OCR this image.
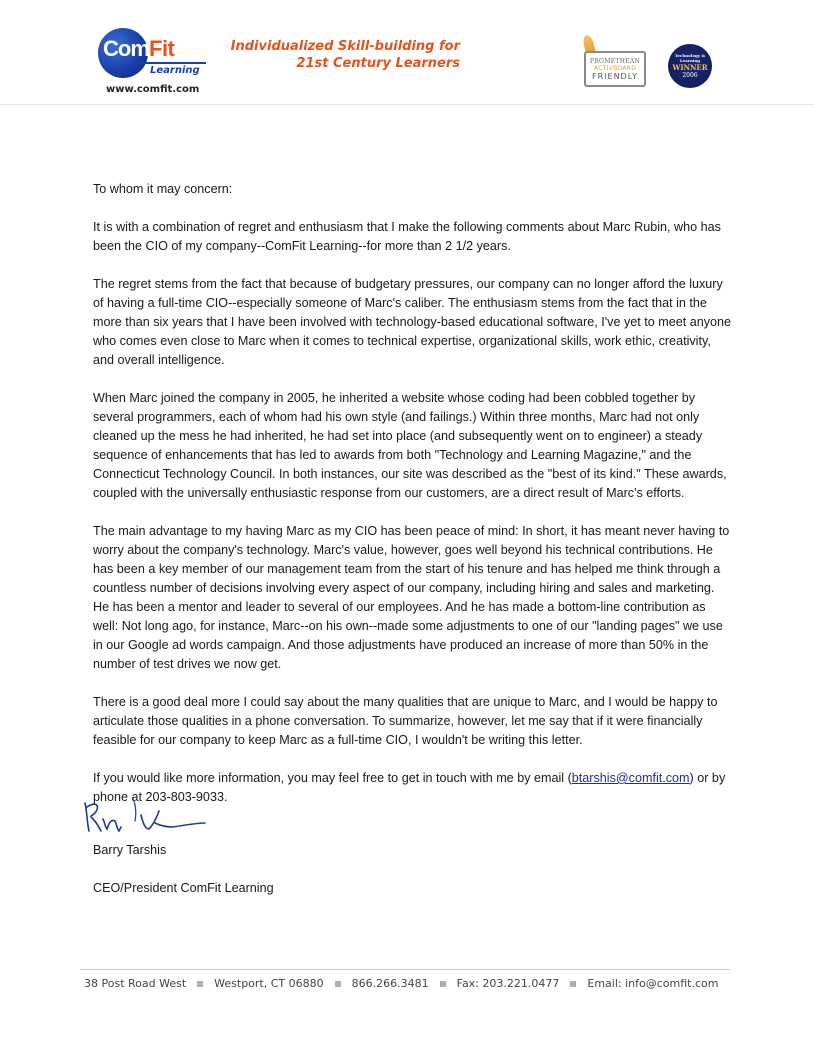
Com Fit
Learning
www.comfit.com
Individualized Skill-building for
21st Century Learners	PROMETHEAN
ACTIVBOARD
FRIENDLY
Technology & Learning
WINNER
2006
To whom it may concern:

It is with a combination of regret and enthusiasm that I make the following comments about Marc Rubin, who has been the CIO of my company--ComFit Learning--for more than 2 1/2 years.

The regret stems from the fact that because of budgetary pressures, our company can no longer afford the luxury of having a full-time CIO--especially someone of Marc's caliber. The enthusiasm stems from the fact that in the more than six years that I have been involved with technology-based educational software, I've yet to meet anyone who comes even close to Marc when it comes to technical expertise, organizational skills, work ethic, creativity, and overall intelligence.

When Marc joined the company in 2005, he inherited a website whose coding had been cobbled together by several programmers, each of whom had his own style (and failings.) Within three months, Marc had not only cleaned up the mess he had inherited, he had set into place (and subsequently went on to engineer) a steady sequence of enhancements that has led to awards from both "Technology and Learning Magazine," and the Connecticut Technology Council. In both instances, our site was described as the "best of its kind." These awards, coupled with the universally enthusiastic response from our customers, are a direct result of Marc's efforts.

The main advantage to my having Marc as my CIO has been peace of mind: In short, it has meant never having to worry about the company's technology. Marc's value, however, goes well beyond his technical contributions. He has been a key member of our management team from the start of his tenure and has helped me think through a countless number of decisions involving every aspect of our company, including hiring and sales and marketing. He has been a mentor and leader to several of our employees. And he has made a bottom-line contribution as well: Not long ago, for instance, Marc--on his own--made some adjustments to one of our "landing pages" we use in our Google ad words campaign. And those adjustments have produced an increase of more than 50% in the number of test drives we now get.

There is a good deal more I could say about the many qualities that are unique to Marc, and I would be happy to articulate those qualities in a phone conversation. To summarize, however, let me say that if it were financially feasible for our company to keep Marc as a full-time CIO, I wouldn't be writing this letter.

If you would like more information, you may feel free to get in touch with me by email (btarshis@comfit.com) or by phone at 203-803-9033.

Barry Tarshis
CEO/President ComFit Learning
38 Post Road West	Westport, CT 06880	866.266.3481	Fax: 203.221.0477	Email: info@comfit.com
